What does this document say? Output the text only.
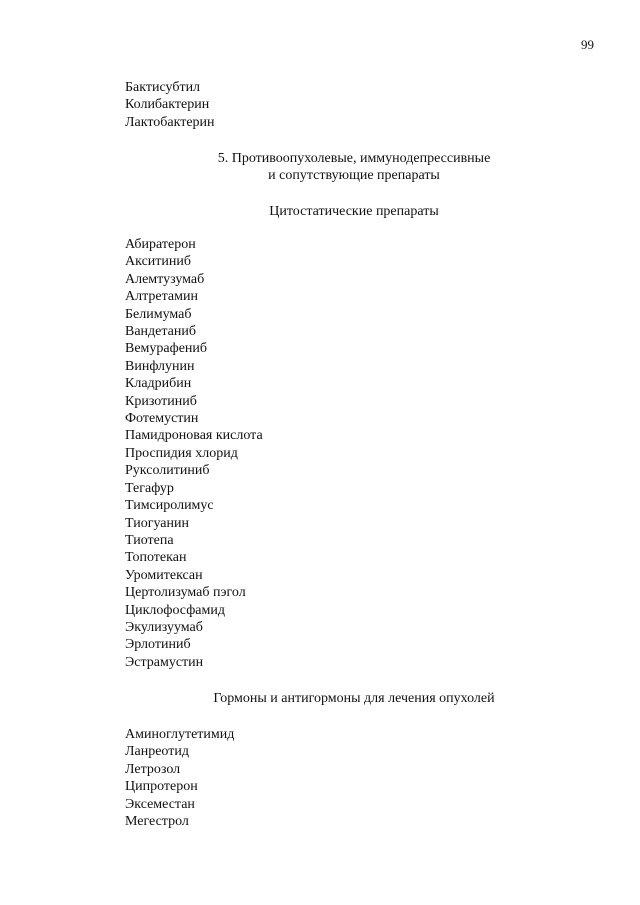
99
Бактисубтил
Колибактерин
Лактобактерин
5. Противоопухолевые, иммунодепрессивные
и сопутствующие препараты
Цитостатические препараты
Абиратерон
Акситиниб
Алемтузумаб
Алтретамин
Белимумаб
Вандетаниб
Вемурафениб
Винфлунин
Кладрибин
Кризотиниб
Фотемустин
Памидроновая кислота
Проспидия хлорид
Руксолитиниб
Тегафур
Тимсиролимус
Тиогуанин
Тиотепа
Топотекан
Уромитексан
Цертолизумаб пэгол
Циклофосфамид
Экулизуумаб
Эрлотиниб
Эстрамустин
Гормоны и антигормоны для лечения опухолей
Аминоглутетимид
Ланреотид
Летрозол
Ципротерон
Эксеместан
Мегестрол
